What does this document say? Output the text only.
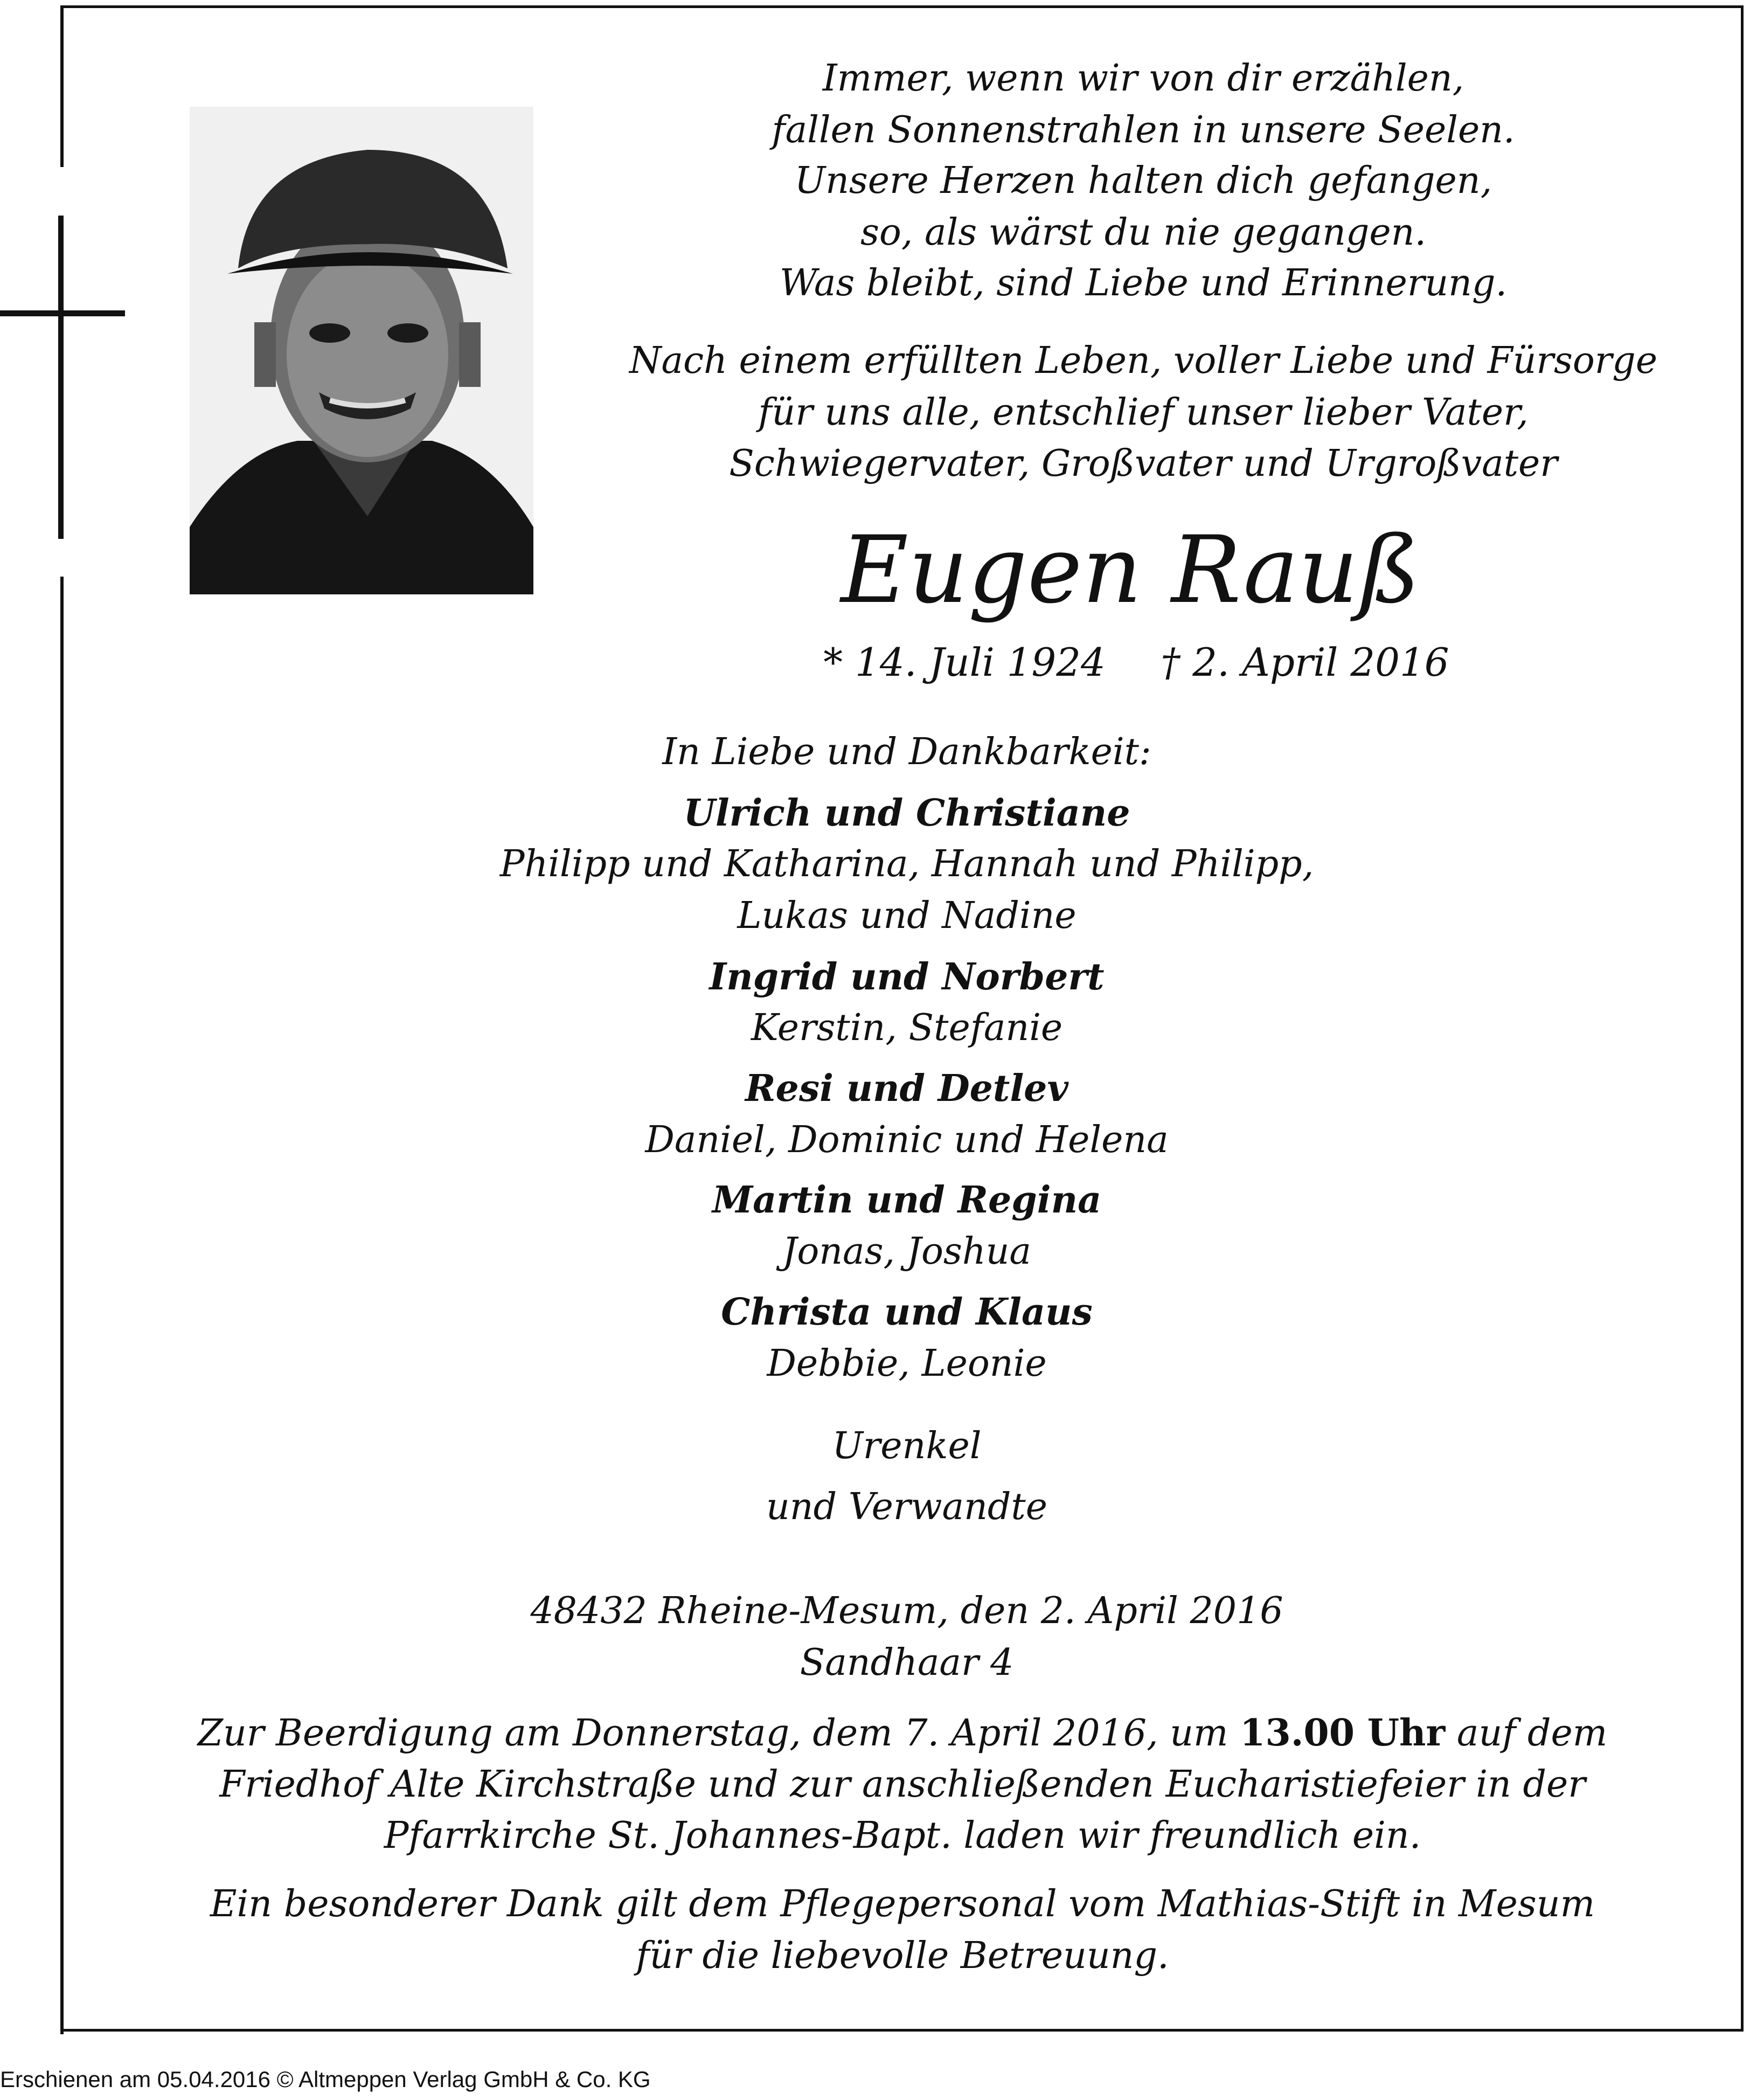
Immer, wenn wir von dir erzählen,
fallen Sonnenstrahlen in unsere Seelen.
Unsere Herzen halten dich gefangen,
so, als wärst du nie gegangen.
Was bleibt, sind Liebe und Erinnerung.
Nach einem erfüllten Leben, voller Liebe und Fürsorge
für uns alle, entschlief unser lieber Vater,
Schwiegervater, Großvater und Urgroßvater
Eugen Rauß
* 14. Juli 1924 † 2. April 2016
In Liebe und Dankbarkeit:
Ulrich und Christiane
Philipp und Katharina, Hannah und Philipp,
Lukas und Nadine
Ingrid und Norbert
Kerstin, Stefanie
Resi und Detlev
Daniel, Dominic und Helena
Martin und Regina
Jonas, Joshua
Christa und Klaus
Debbie, Leonie
Urenkel
und Verwandte
48432 Rheine-Mesum, den 2. April 2016
Sandhaar 4
Zur Beerdigung am Donnerstag, dem 7. April 2016, um 13.00 Uhr auf dem
Friedhof Alte Kirchstraße und zur anschließenden Eucharistiefeier in der
Pfarrkirche St. Johannes-Bapt. laden wir freundlich ein.
Ein besonderer Dank gilt dem Pflegepersonal vom Mathias-Stift in Mesum
für die liebevolle Betreuung.
Erschienen am 05.04.2016 © Altmeppen Verlag GmbH & Co. KG
